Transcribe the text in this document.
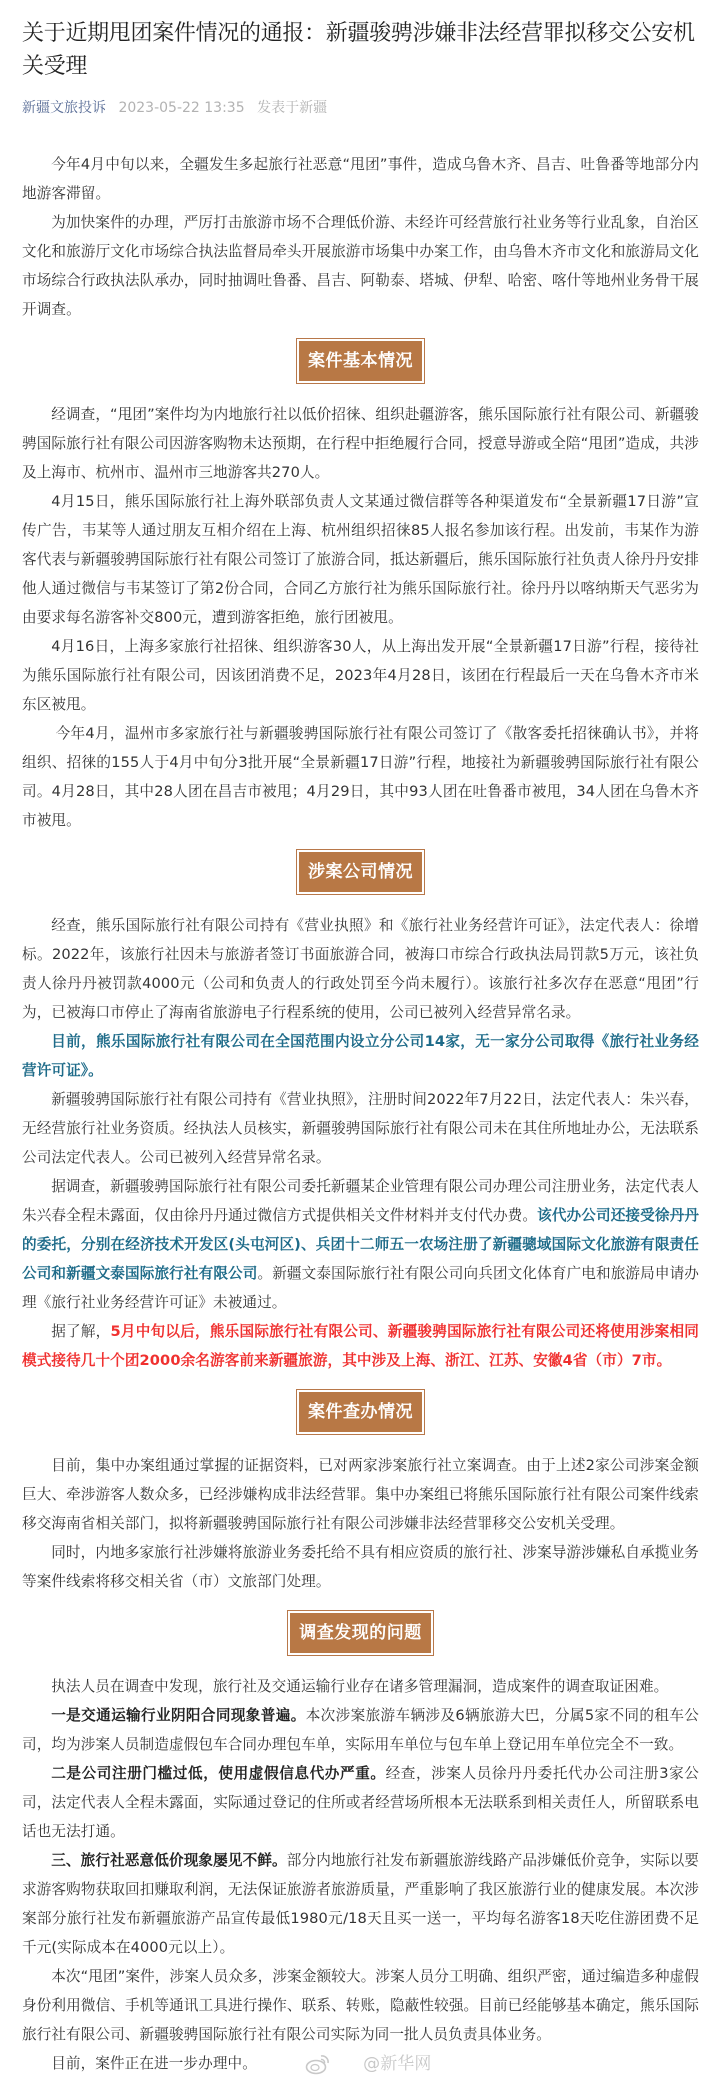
关于近期甩团案件情况的通报：新疆骏骋涉嫌非法经营罪拟移交公安机关受理
新疆文旅投诉 2023-05-22 13:35 发表于新疆

今年4月中旬以来，全疆发生多起旅行社恶意“甩团”事件，造成乌鲁木齐、昌吉、吐鲁番等地部分内地游客滞留。

为加快案件的办理，严厉打击旅游市场不合理低价游、未经许可经营旅行社业务等行业乱象，自治区文化和旅游厅文化市场综合执法监督局牵头开展旅游市场集中办案工作，由乌鲁木齐市文化和旅游局文化市场综合行政执法队承办，同时抽调吐鲁番、昌吉、阿勒泰、塔城、伊犁、哈密、喀什等地州业务骨干展开调查。

案件基本情况

经调查，“甩团”案件均为内地旅行社以低价招徕、组织赴疆游客，熊乐国际旅行社有限公司、新疆骏骋国际旅行社有限公司因游客购物未达预期，在行程中拒绝履行合同，授意导游或全陪“甩团”造成，共涉及上海市、杭州市、温州市三地游客共270人。

4月15日，熊乐国际旅行社上海外联部负责人文某通过微信群等各种渠道发布“全景新疆17日游”宣传广告，韦某等人通过朋友互相介绍在上海、杭州组织招徕85人报名参加该行程。出发前，韦某作为游客代表与新疆骏骋国际旅行社有限公司签订了旅游合同，抵达新疆后，熊乐国际旅行社负责人徐丹丹安排他人通过微信与韦某签订了第2份合同，合同乙方旅行社为熊乐国际旅行社。徐丹丹以喀纳斯天气恶劣为由要求每名游客补交800元，遭到游客拒绝，旅行团被甩。

4月16日，上海多家旅行社招徕、组织游客30人，从上海出发开展“全景新疆17日游”行程，接待社为熊乐国际旅行社有限公司，因该团消费不足，2023年4月28日，该团在行程最后一天在乌鲁木齐市米东区被甩。

今年4月，温州市多家旅行社与新疆骏骋国际旅行社有限公司签订了《散客委托招徕确认书》，并将组织、招徕的155人于4月中旬分3批开展“全景新疆17日游”行程，地接社为新疆骏骋国际旅行社有限公司。4月28日，其中28人团在昌吉市被甩；4月29日，其中93人团在吐鲁番市被甩，34人团在乌鲁木齐市被甩。

涉案公司情况

经查，熊乐国际旅行社有限公司持有《营业执照》和《旅行社业务经营许可证》，法定代表人：徐增标。2022年，该旅行社因未与旅游者签订书面旅游合同，被海口市综合行政执法局罚款5万元，该社负责人徐丹丹被罚款4000元（公司和负责人的行政处罚至今尚未履行）。该旅行社多次存在恶意“甩团”行为，已被海口市停止了海南省旅游电子行程系统的使用，公司已被列入经营异常名录。

目前，熊乐国际旅行社有限公司在全国范围内设立分公司14家，无一家分公司取得《旅行社业务经营许可证》。

新疆骏骋国际旅行社有限公司持有《营业执照》，注册时间2022年7月22日，法定代表人：朱兴春，无经营旅行社业务资质。经执法人员核实，新疆骏骋国际旅行社有限公司未在其住所地址办公，无法联系公司法定代表人。公司已被列入经营异常名录。

据调查，新疆骏骋国际旅行社有限公司委托新疆某企业管理有限公司办理公司注册业务，法定代表人朱兴春全程未露面，仅由徐丹丹通过微信方式提供相关文件材料并支付代办费。该代办公司还接受徐丹丹的委托，分别在经济技术开发区(头屯河区)、兵团十二师五一农场注册了新疆骢域国际文化旅游有限责任公司和新疆文泰国际旅行社有限公司。新疆文泰国际旅行社有限公司向兵团文化体育广电和旅游局申请办理《旅行社业务经营许可证》未被通过。

据了解，5月中旬以后，熊乐国际旅行社有限公司、新疆骏骋国际旅行社有限公司还将使用涉案相同模式接待几十个团2000余名游客前来新疆旅游，其中涉及上海、浙江、江苏、安徽4省（市）7市。

案件查办情况

目前，集中办案组通过掌握的证据资料，已对两家涉案旅行社立案调查。由于上述2家公司涉案金额巨大、牵涉游客人数众多，已经涉嫌构成非法经营罪。集中办案组已将熊乐国际旅行社有限公司案件线索移交海南省相关部门，拟将新疆骏骋国际旅行社有限公司涉嫌非法经营罪移交公安机关受理。

同时，内地多家旅行社涉嫌将旅游业务委托给不具有相应资质的旅行社、涉案导游涉嫌私自承揽业务等案件线索将移交相关省（市）文旅部门处理。

调查发现的问题

执法人员在调查中发现，旅行社及交通运输行业存在诸多管理漏洞，造成案件的调查取证困难。

一是交通运输行业阴阳合同现象普遍。本次涉案旅游车辆涉及6辆旅游大巴，分属5家不同的租车公司，均为涉案人员制造虚假包车合同办理包车单，实际用车单位与包车单上登记用车单位完全不一致。

二是公司注册门槛过低，使用虚假信息代办严重。经查，涉案人员徐丹丹委托代办公司注册3家公司，法定代表人全程未露面，实际通过登记的住所或者经营场所根本无法联系到相关责任人，所留联系电话也无法打通。

三、旅行社恶意低价现象屡见不鲜。部分内地旅行社发布新疆旅游线路产品涉嫌低价竞争，实际以要求游客购物获取回扣赚取利润，无法保证旅游者旅游质量，严重影响了我区旅游行业的健康发展。本次涉案部分旅行社发布新疆旅游产品宣传最低1980元/18天且买一送一，平均每名游客18天吃住游团费不足千元(实际成本在4000元以上）。

本次“甩团”案件，涉案人员众多，涉案金额较大。涉案人员分工明确、组织严密，通过编造多种虚假身份利用微信、手机等通讯工具进行操作、联系、转账，隐蔽性较强。目前已经能够基本确定，熊乐国际旅行社有限公司、新疆骏骋国际旅行社有限公司实际为同一批人员负责具体业务。

目前，案件正在进一步办理中。	@新华网
